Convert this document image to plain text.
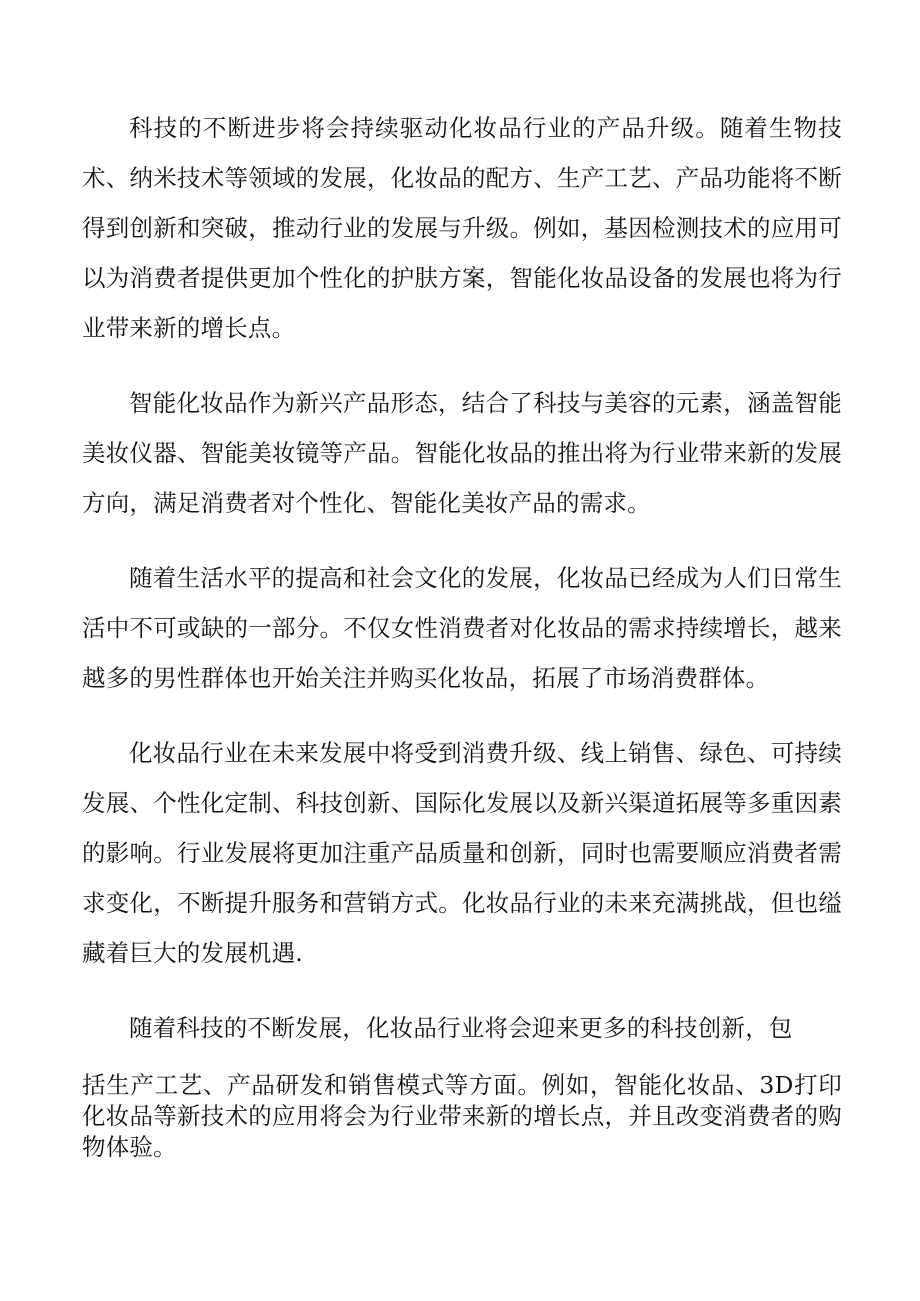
科技的不断进步将会持续驱动化妆品行业的产品升级。随着生物技术、纳米技术等领域的发展，化妆品的配方、生产工艺、产品功能将不断得到创新和突破，推动行业的发展与升级。例如，基因检测技术的应用可以为消费者提供更加个性化的护肤方案，智能化妆品设备的发展也将为行业带来新的增长点。

智能化妆品作为新兴产品形态，结合了科技与美容的元素，涵盖智能美妆仪器、智能美妆镜等产品。智能化妆品的推出将为行业带来新的发展方向，满足消费者对个性化、智能化美妆产品的需求。

随着生活水平的提高和社会文化的发展，化妆品已经成为人们日常生活中不可或缺的一部分。不仅女性消费者对化妆品的需求持续增长，越来越多的男性群体也开始关注并购买化妆品，拓展了市场消费群体。

化妆品行业在未来发展中将受到消费升级、线上销售、绿色、可持续发展、个性化定制、科技创新、国际化发展以及新兴渠道拓展等多重因素的影响。行业发展将更加注重产品质量和创新，同时也需要顺应消费者需求变化，不断提升服务和营销方式。化妆品行业的未来充满挑战，但也缢藏着巨大的发展机遇.

随着科技的不断发展，化妆品行业将会迎来更多的科技创新，包

括生产工艺、产品研发和销售模式等方面。例如，智能化妆品、3D打印化妆品等新技术的应用将会为行业带来新的增长点，并且改变消费者的购物体验。
